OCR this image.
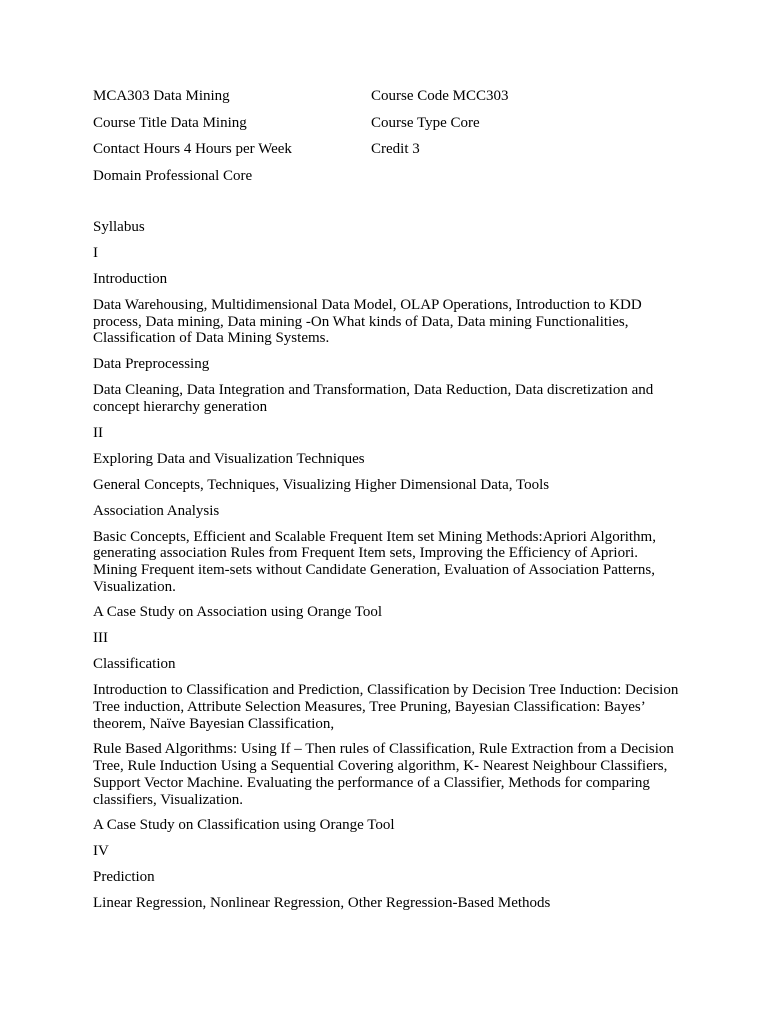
MCA303 Data Mining	Course Code MCC303
Course Title Data Mining	Course Type Core
Contact Hours 4 Hours per Week	Credit 3
Domain Professional Core

Syllabus

I

Introduction

Data Warehousing, Multidimensional Data Model, OLAP Operations, Introduction to KDD process, Data mining, Data mining -On What kinds of Data, Data mining Functionalities, Classification of Data Mining Systems.

Data Preprocessing

Data Cleaning, Data Integration and Transformation, Data Reduction, Data discretization and concept hierarchy generation

II

Exploring Data and Visualization Techniques

General Concepts, Techniques, Visualizing Higher Dimensional Data, Tools

Association Analysis

Basic Concepts, Efficient and Scalable Frequent Item set Mining Methods:Apriori Algorithm, generating association Rules from Frequent Item sets, Improving the Efficiency of Apriori. Mining Frequent item-sets without Candidate Generation, Evaluation of Association Patterns, Visualization.

A Case Study on Association using Orange Tool

III

Classification

Introduction to Classification and Prediction, Classification by Decision Tree Induction: Decision Tree induction, Attribute Selection Measures, Tree Pruning, Bayesian Classification: Bayes’ theorem, Naïve Bayesian Classification,

Rule Based Algorithms: Using If – Then rules of Classification, Rule Extraction from a Decision Tree, Rule Induction Using a Sequential Covering algorithm, K- Nearest Neighbour Classifiers, Support Vector Machine. Evaluating the performance of a Classifier, Methods for comparing classifiers, Visualization.

A Case Study on Classification using Orange Tool

IV

Prediction

Linear Regression, Nonlinear Regression, Other Regression-Based Methods
